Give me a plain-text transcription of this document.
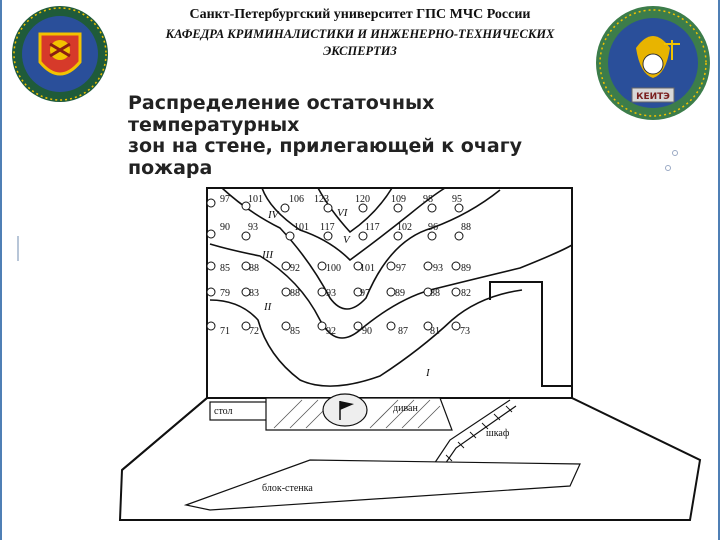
КЕИТЭ
Санкт-Петербургский университет ГПС МЧС России
КАФЕДРА КРИМИНАЛИСТИКИ И ИНЖЕНЕРНО-ТЕХНИЧЕСКИХ
ЭКСПЕРТИЗ
Распределение остаточных температурных
зон на стене, прилегающей к очагу пожара
97 101	106 123	120 109 98 95
90 93	101 117	117 102 96 88
85 88	92	100 101 97	93 89
79 83	88	93 97	89	88 82
71 72	85	92	90	87 81 73
VI
V
IV
III
II
I
стол	диван
шкаф
блок-стенка
